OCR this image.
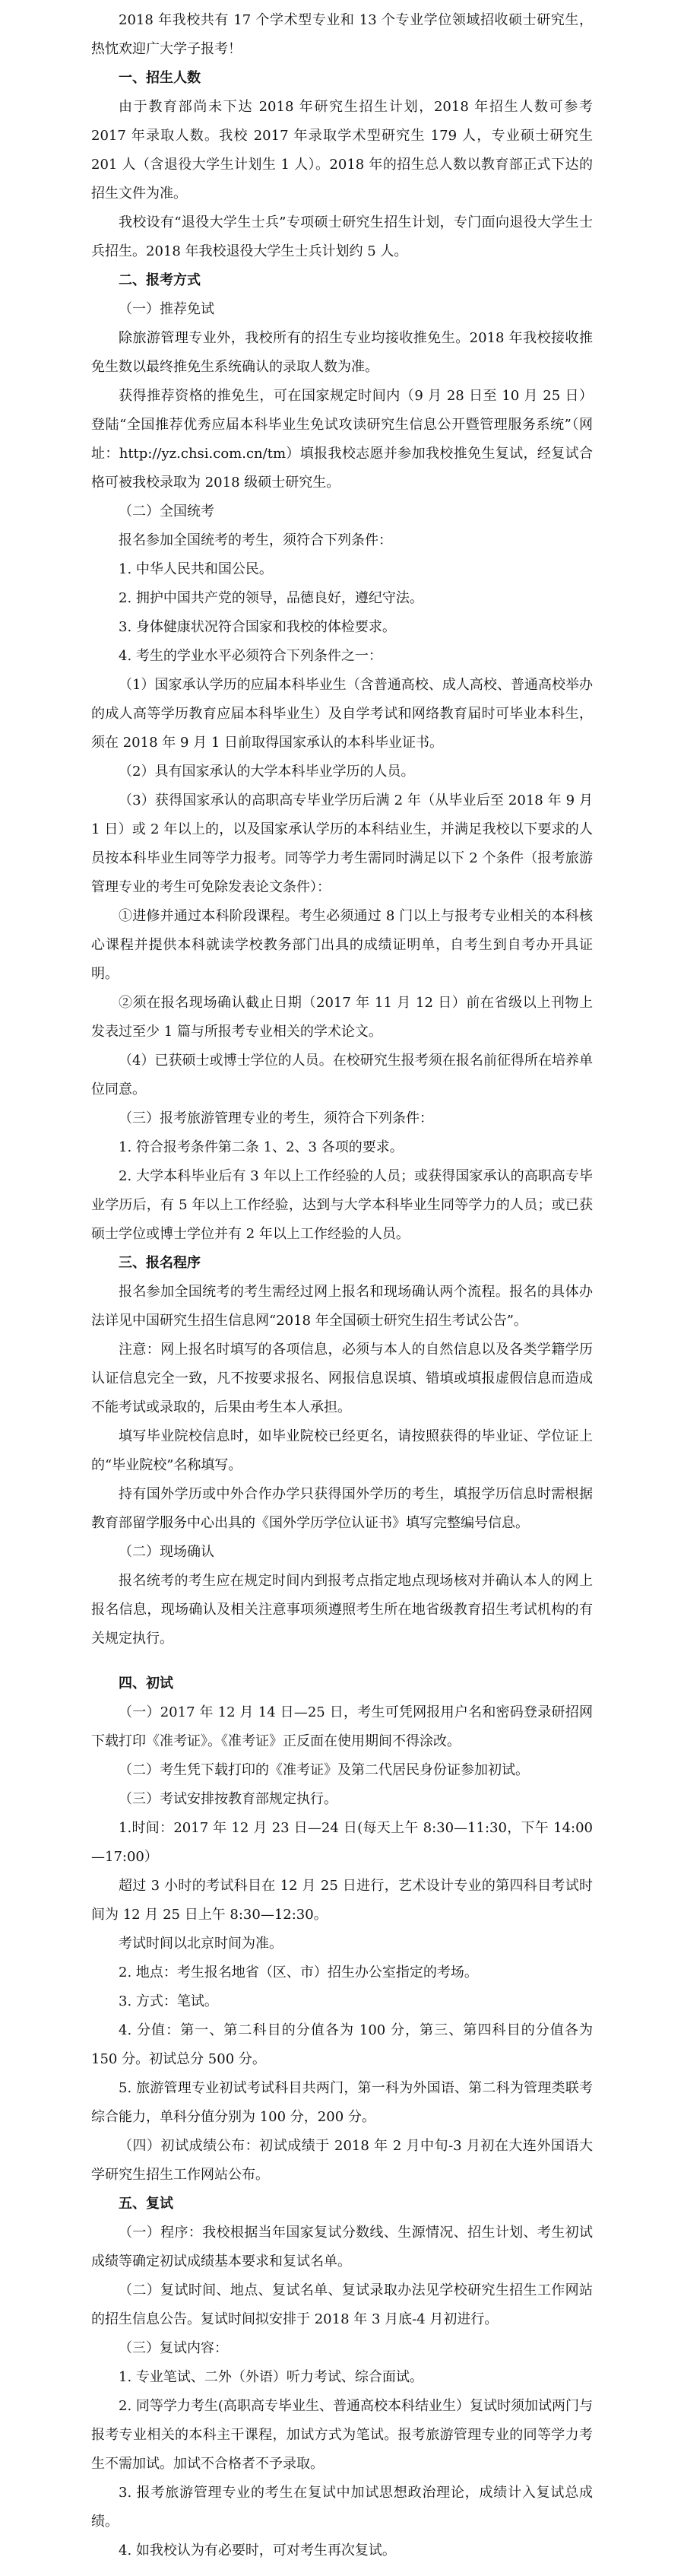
2018 年我校共有 17 个学术型专业和 13 个专业学位领域招收硕士研究生，热忱欢迎广大学子报考！

一、招生人数

由于教育部尚未下达 2018 年研究生招生计划，2018 年招生人数可参考 2017 年录取人数。我校 2017 年录取学术型研究生 179 人，专业硕士研究生 201 人（含退役大学生计划生 1 人）。2018 年的招生总人数以教育部正式下达的招生文件为准。

我校设有“退役大学生士兵”专项硕士研究生招生计划，专门面向退役大学生士兵招生。2018 年我校退役大学生士兵计划约 5 人。

二、报考方式

（一）推荐免试

除旅游管理专业外，我校所有的招生专业均接收推免生。2018 年我校接收推免生数以最终推免生系统确认的录取人数为准。

获得推荐资格的推免生，可在国家规定时间内（9 月 28 日至 10 月 25 日）登陆“全国推荐优秀应届本科毕业生免试攻读研究生信息公开暨管理服务系统”（网址：http://yz.chsi.com.cn/tm）填报我校志愿并参加我校推免生复试，经复试合格可被我校录取为 2018 级硕士研究生。

（二）全国统考

报名参加全国统考的考生，须符合下列条件：

1. 中华人民共和国公民。

2. 拥护中国共产党的领导，品德良好，遵纪守法。

3. 身体健康状况符合国家和我校的体检要求。

4. 考生的学业水平必须符合下列条件之一：

（1）国家承认学历的应届本科毕业生（含普通高校、成人高校、普通高校举办的成人高等学历教育应届本科毕业生）及自学考试和网络教育届时可毕业本科生，须在 2018 年 9 月 1 日前取得国家承认的本科毕业证书。

（2）具有国家承认的大学本科毕业学历的人员。

（3）获得国家承认的高职高专毕业学历后满 2 年（从毕业后至 2018 年 9 月 1 日）或 2 年以上的，以及国家承认学历的本科结业生，并满足我校以下要求的人员按本科毕业生同等学力报考。同等学力考生需同时满足以下 2 个条件（报考旅游管理专业的考生可免除发表论文条件）：

①进修并通过本科阶段课程。考生必须通过 8 门以上与报考专业相关的本科核心课程并提供本科就读学校教务部门出具的成绩证明单，自考生到自考办开具证明。

②须在报名现场确认截止日期（2017 年 11 月 12 日）前在省级以上刊物上发表过至少 1 篇与所报考专业相关的学术论文。

（4）已获硕士或博士学位的人员。在校研究生报考须在报名前征得所在培养单位同意。

（三）报考旅游管理专业的考生，须符合下列条件：

1. 符合报考条件第二条 1、2、3 各项的要求。

2. 大学本科毕业后有 3 年以上工作经验的人员；或获得国家承认的高职高专毕业学历后，有 5 年以上工作经验，达到与大学本科毕业生同等学力的人员；或已获硕士学位或博士学位并有 2 年以上工作经验的人员。

三、报名程序

报名参加全国统考的考生需经过网上报名和现场确认两个流程。报名的具体办法详见中国研究生招生信息网“2018 年全国硕士研究生招生考试公告”。

注意：网上报名时填写的各项信息，必须与本人的自然信息以及各类学籍学历认证信息完全一致，凡不按要求报名、网报信息误填、错填或填报虚假信息而造成不能考试或录取的，后果由考生本人承担。

填写毕业院校信息时，如毕业院校已经更名，请按照获得的毕业证、学位证上的“毕业院校”名称填写。

持有国外学历或中外合作办学只获得国外学历的考生，填报学历信息时需根据教育部留学服务中心出具的《国外学历学位认证书》填写完整编号信息。

（二）现场确认

报名统考的考生应在规定时间内到报考点指定地点现场核对并确认本人的网上报名信息，现场确认及相关注意事项须遵照考生所在地省级教育招生考试机构的有关规定执行。

四、初试

（一）2017 年 12 月 14 日—25 日，考生可凭网报用户名和密码登录研招网下载打印《准考证》。《准考证》正反面在使用期间不得涂改。

（二）考生凭下载打印的《准考证》及第二代居民身份证参加初试。

（三）考试安排按教育部规定执行。

1.时间：2017 年 12 月 23 日—24 日(每天上午 8:30—11:30，下午 14:00—17:00）

超过 3 小时的考试科目在 12 月 25 日进行，艺术设计专业的第四科目考试时间为 12 月 25 日上午 8:30—12:30。

考试时间以北京时间为准。

2. 地点：考生报名地省（区、市）招生办公室指定的考场。

3. 方式：笔试。

4. 分值：第一、第二科目的分值各为 100 分，第三、第四科目的分值各为 150 分。初试总分 500 分。

5. 旅游管理专业初试考试科目共两门，第一科为外国语、第二科为管理类联考综合能力，单科分值分别为 100 分，200 分。

（四）初试成绩公布：初试成绩于 2018 年 2 月中旬-3 月初在大连外国语大学研究生招生工作网站公布。

五、复试

（一）程序：我校根据当年国家复试分数线、生源情况、招生计划、考生初试成绩等确定初试成绩基本要求和复试名单。

（二）复试时间、地点、复试名单、复试录取办法见学校研究生招生工作网站的招生信息公告。复试时间拟安排于 2018 年 3 月底-4 月初进行。

（三）复试内容：

1. 专业笔试、二外（外语）听力考试、综合面试。

2. 同等学力考生(高职高专毕业生、普通高校本科结业生）复试时须加试两门与报考专业相关的本科主干课程，加试方式为笔试。报考旅游管理专业的同等学力考生不需加试。加试不合格者不予录取。

3. 报考旅游管理专业的考生在复试中加试思想政治理论，成绩计入复试总成绩。

4. 如我校认为有必要时，可对考生再次复试。
